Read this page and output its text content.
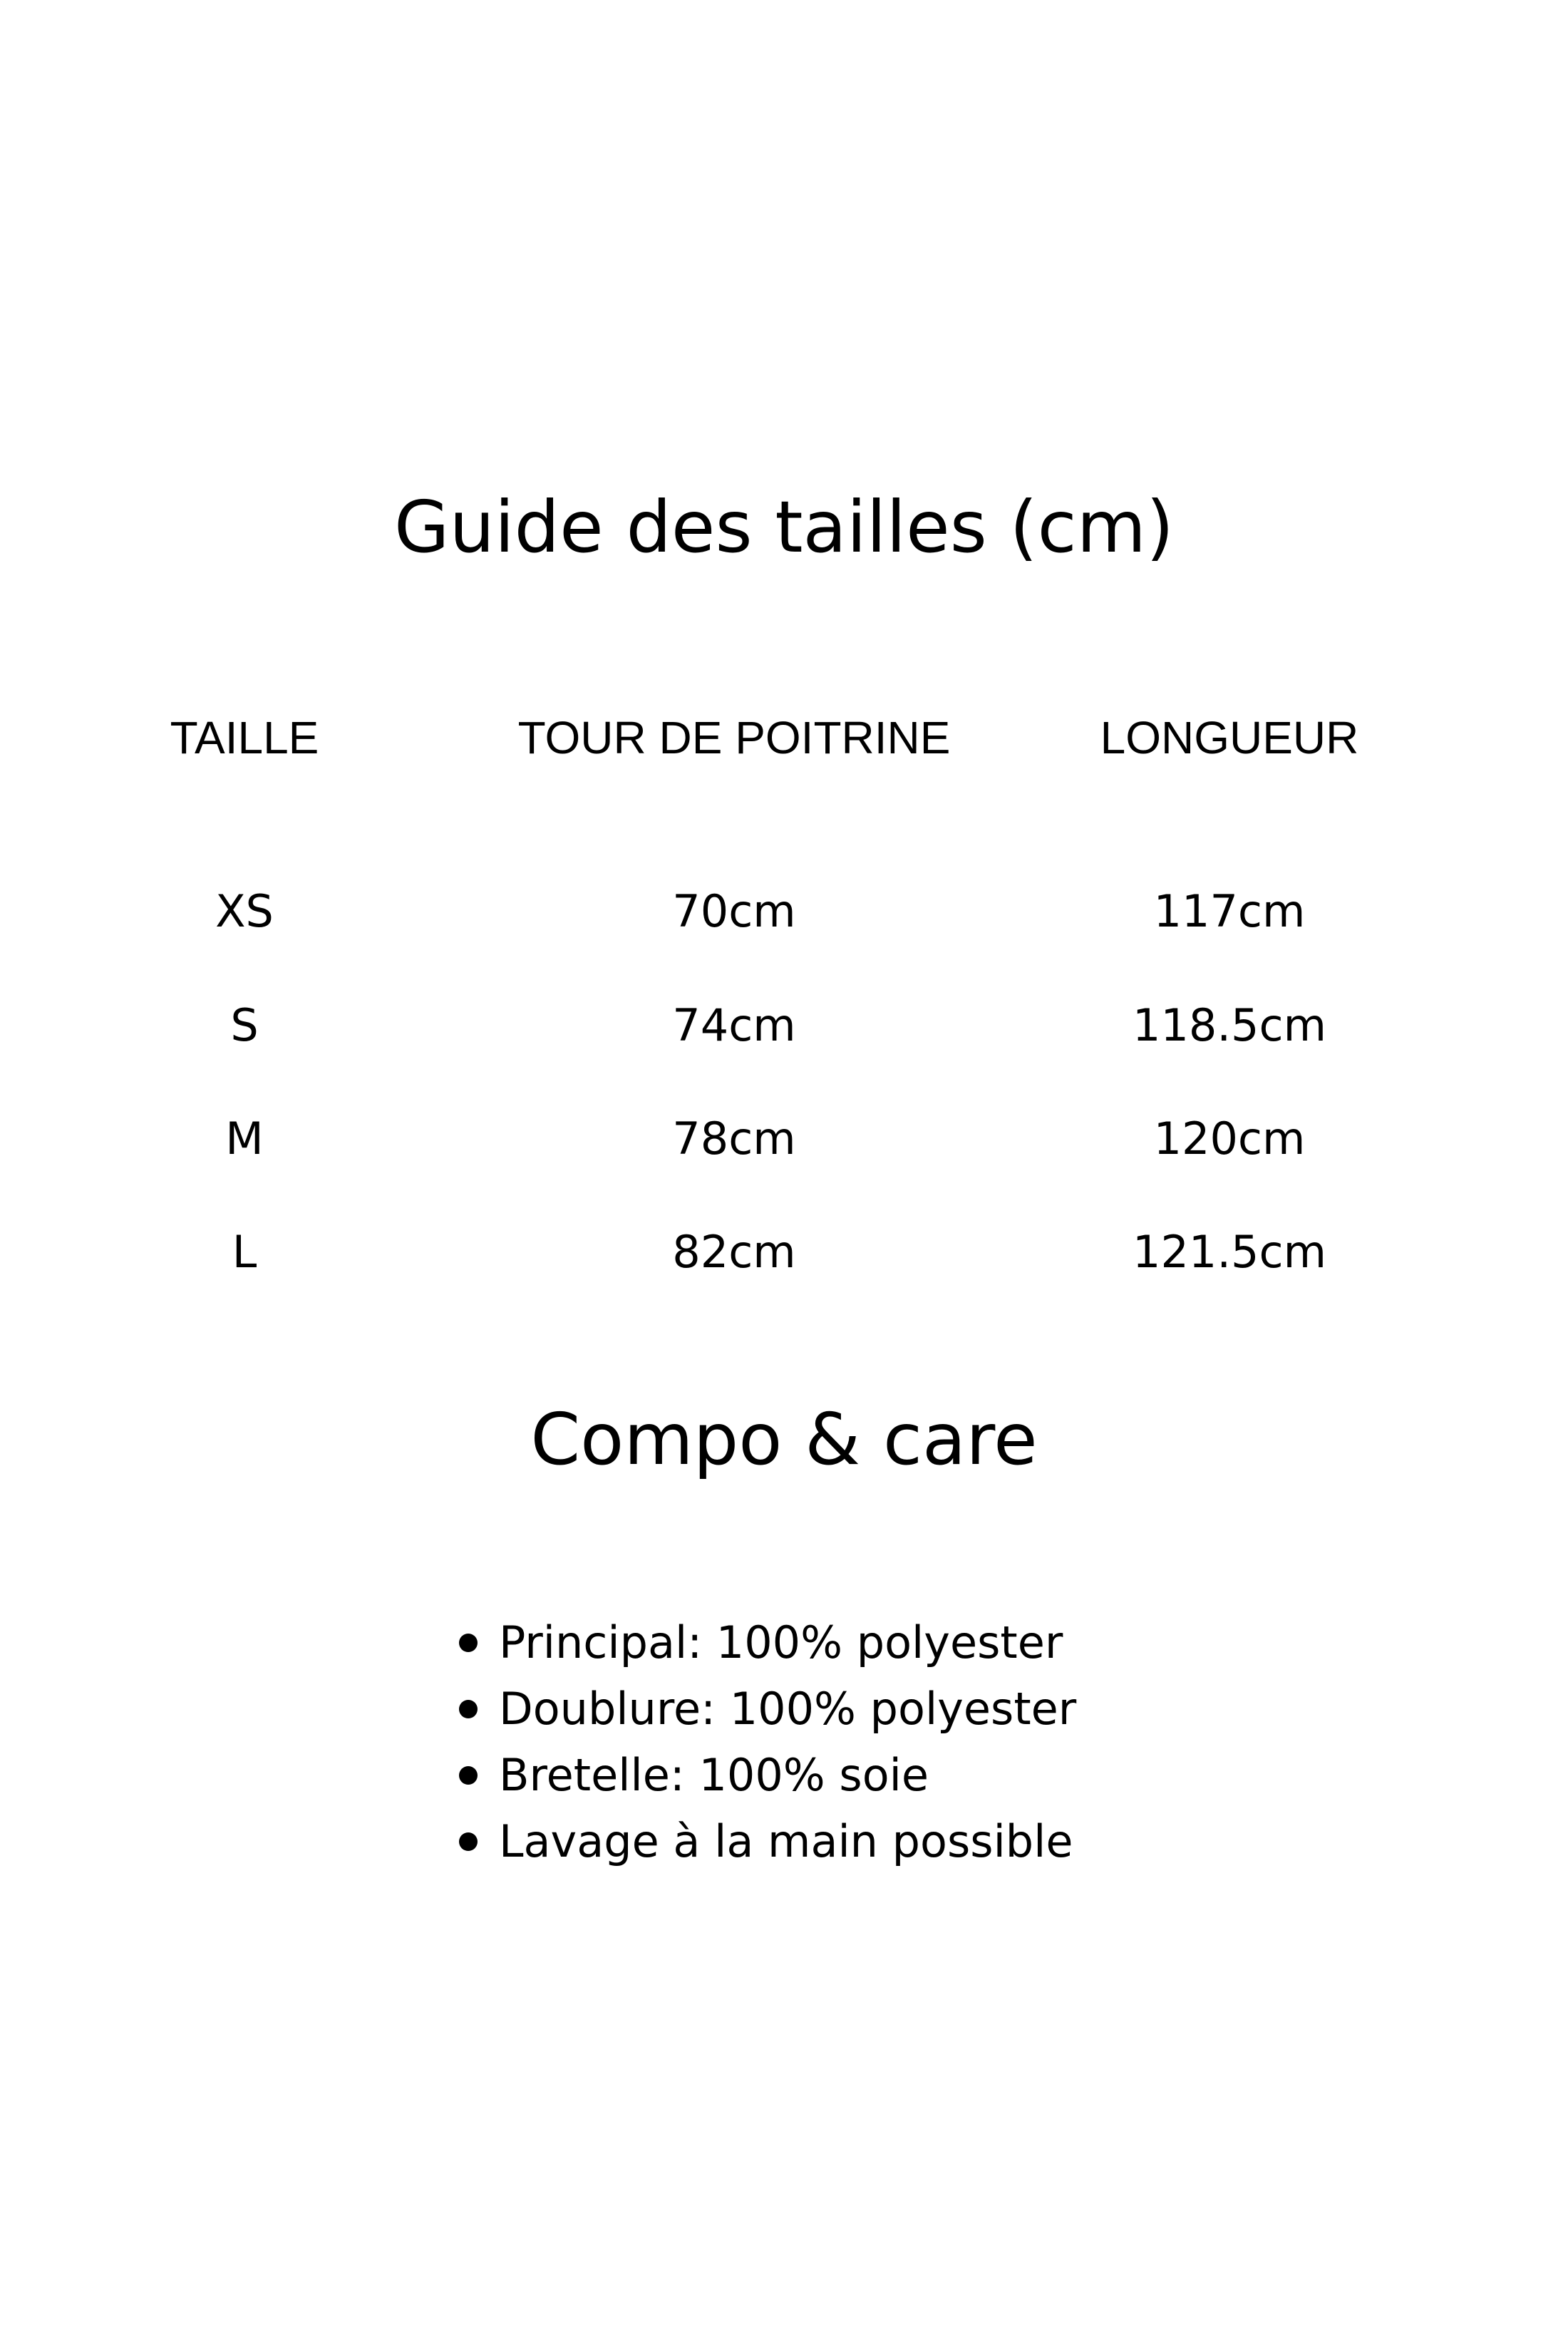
Guide des tailles (cm)
TAILLE	TOUR DE POITRINE	LONGUEUR
XS	70cm	117cm
S	74cm	118.5cm
M	78cm	120cm
L	82cm	121.5cm
Compo & care
Principal: 100% polyester
Doublure: 100% polyester
Bretelle: 100% soie
Lavage à la main possible
